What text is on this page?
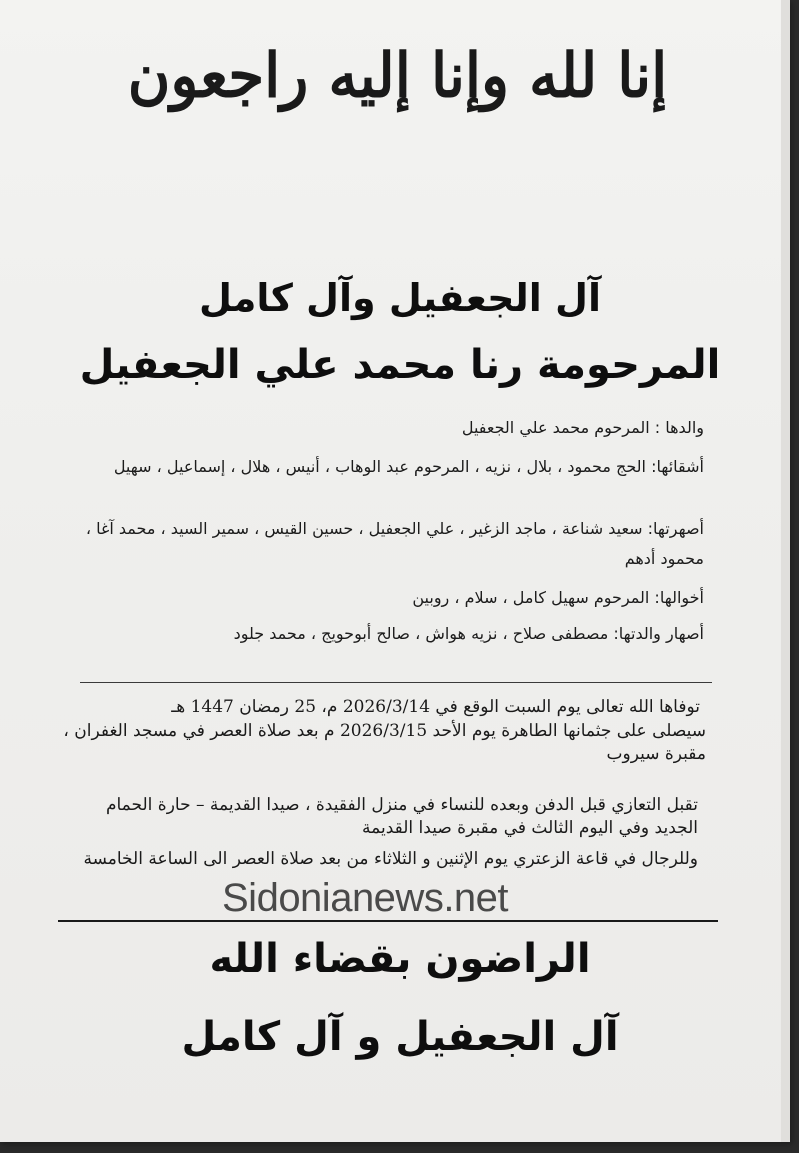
إنا لله وإنا إليه راجعون
آل الجعفيل وآل كامل
المرحومة رنا محمد علي الجعفيل
والدها : المرحوم محمد علي الجعفيل
أشقائها: الحج محمود ، بلال ، نزيه ، المرحوم عبد الوهاب ، أنيس ، هلال ، إسماعيل ، سهيل
أصهرتها: سعيد شناعة ، ماجد الزغير ، علي الجعفيل ، حسين القيس ، سمير السيد ، محمد آغا ، محمود أدهم
أخوالها: المرحوم سهيل كامل ، سلام ، روبين
أصهار والدتها: مصطفى صلاح ، نزيه هواش ، صالح أبوحويج ، محمد جلود
توفاها الله تعالى يوم السبت الوقع في 2026/3/14 م، 25 رمضان 1447 هـ
سيصلى على جثمانها الطاهرة يوم الأحد 2026/3/15 م بعد صلاة العصر في مسجد الغفران ، مقبرة سيروب
تقبل التعازي قبل الدفن وبعده للنساء في منزل الفقيدة ، صيدا القديمة – حارة الحمام الجديد وفي اليوم الثالث في مقبرة صيدا القديمة
وللرجال في قاعة الزعتري يوم الإثنين و الثلاثاء من بعد صلاة العصر الى الساعة الخامسة
Sidonianews.net
الراضون بقضاء الله
آل الجعفيل و آل كامل
